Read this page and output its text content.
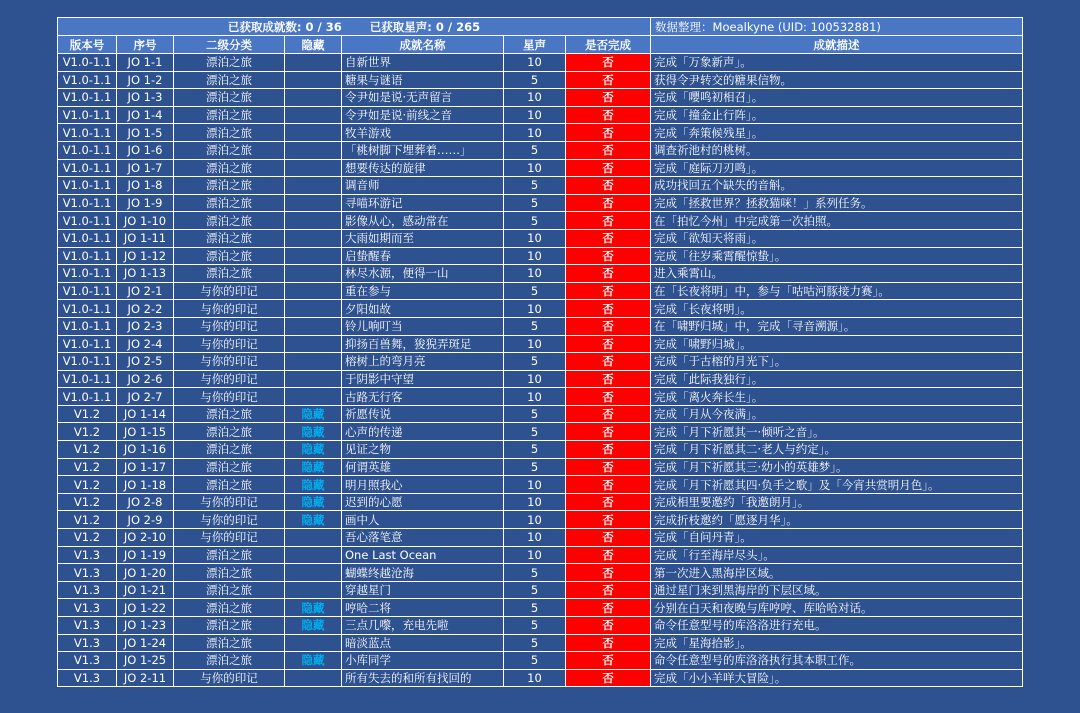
已获取成就数: 0 / 36 已获取星声: 0 / 265							数据整理：Moealkyne (UID: 100532881)
版本号	序号	二级分类	隐藏	成就名称	星声	是否完成	成就描述
V1.0-1.1	JO 1-1	漂泊之旅		自新世界	10	否	完成「万象新声」。
V1.0-1.1	JO 1-2	漂泊之旅		糖果与谜语	5	否	获得令尹转交的糖果信物。
V1.0-1.1	JO 1-3	漂泊之旅		令尹如是说·无声留言	10	否	完成「嚶鸣初相召」。
V1.0-1.1	JO 1-4	漂泊之旅		令尹如是说·前线之音	10	否	完成「撞金止行阵」。
V1.0-1.1	JO 1-5	漂泊之旅		牧羊游戏	10	否	完成「奔策候残星」。
V1.0-1.1	JO 1-6	漂泊之旅		「桃树脚下埋葬着……」	5	否	调查祈池村的桃树。
V1.0-1.1	JO 1-7	漂泊之旅		想要传达的旋律	10	否	完成「庭际刀刃鸣」。
V1.0-1.1	JO 1-8	漂泊之旅		调音师	5	否	成功找回五个缺失的音斛。
V1.0-1.1	JO 1-9	漂泊之旅		寻喵环游记	5	否	完成「拯救世界？拯救猫咪！」系列任务。
V1.0-1.1	JO 1-10	漂泊之旅		影像从心，感动常在	5	否	在「拍忆今州」中完成第一次拍照。
V1.0-1.1	JO 1-11	漂泊之旅		大雨如期而至	10	否	完成「欲知天将雨」。
V1.0-1.1	JO 1-12	漂泊之旅		启蛰醒春	10	否	完成「往岁乘霄醒惊蛰」。
V1.0-1.1	JO 1-13	漂泊之旅		林尽水源，便得一山	10	否	进入乘霄山。
V1.0-1.1	JO 2-1	与你的印记		重在参与	5	否	在「长夜将明」中，参与「咕咕河豚接力赛」。
V1.0-1.1	JO 2-2	与你的印记		夕阳如故	10	否	完成「长夜将明」。
V1.0-1.1	JO 2-3	与你的印记		铃儿响叮当	5	否	在「啸野归城」中，完成「寻音溯源」。
V1.0-1.1	JO 2-4	与你的印记		抑扬百兽舞，狻猊弄斑足	10	否	完成「啸野归城」。
V1.0-1.1	JO 2-5	与你的印记		榕树上的弯月亮	5	否	完成「于古榕的月光下」。
V1.0-1.1	JO 2-6	与你的印记		于阴影中守望	10	否	完成「此际我独行」。
V1.0-1.1	JO 2-7	与你的印记		古路无行客	10	否	完成「离火奔长生」。
V1.2	JO 1-14	漂泊之旅	隐藏	祈愿传说	5	否	完成「月从今夜满」。
V1.2	JO 1-15	漂泊之旅	隐藏	心声的传递	5	否	完成「月下祈愿其一·倾听之音」。
V1.2	JO 1-16	漂泊之旅	隐藏	见证之物	5	否	完成「月下祈愿其二·老人与约定」。
V1.2	JO 1-17	漂泊之旅	隐藏	何谓英雄	5	否	完成「月下祈愿其三·幼小的英雄梦」。
V1.2	JO 1-18	漂泊之旅	隐藏	明月照我心	10	否	完成「月下祈愿其四·负手之歌」及「今宵共赏明月色」。
V1.2	JO 2-8	与你的印记	隐藏	迟到的心愿	10	否	完成相里要邀约「我邀朗月」。
V1.2	JO 2-9	与你的印记	隐藏	画中人	10	否	完成折枝邀约「愿逐月华」。
V1.2	JO 2-10	与你的印记		吾心落笔意	10	否	完成「自问丹青」。
V1.3	JO 1-19	漂泊之旅		One Last Ocean	10	否	完成「行至海岸尽头」。
V1.3	JO 1-20	漂泊之旅		蝴蝶终越沧海	5	否	第一次进入黑海岸区域。
V1.3	JO 1-21	漂泊之旅		穿越星门	5	否	通过星门来到黑海岸的下层区域。
V1.3	JO 1-22	漂泊之旅	隐藏	哼哈二将	5	否	分别在白天和夜晚与库哼哼、库哈哈对话。
V1.3	JO 1-23	漂泊之旅	隐藏	三点几嚟，充电先啦	5	否	命令任意型号的库洛洛进行充电。
V1.3	JO 1-24	漂泊之旅		暗淡蓝点	5	否	完成「星海拾影」。
V1.3	JO 1-25	漂泊之旅	隐藏	小库同学	5	否	命令任意型号的库洛洛执行其本职工作。
V1.3	JO 2-11	与你的印记		所有失去的和所有找回的	10	否	完成「小小羊咩大冒险」。
